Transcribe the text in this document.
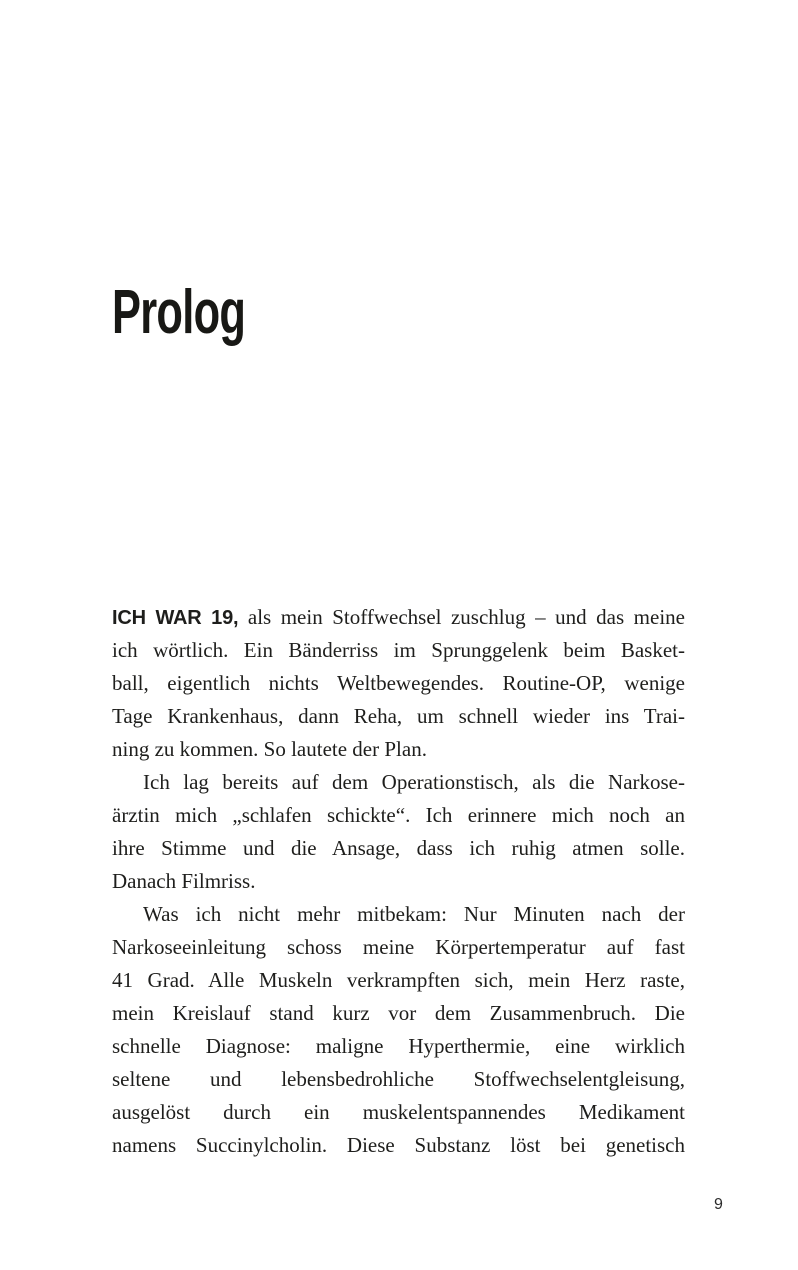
Prolog

ICH WAR 19, als mein Stoffwechsel zuschlug – und das meine
ich wörtlich. Ein Bänderriss im Sprunggelenk beim Basket-
ball, eigentlich nichts Weltbewegendes. Routine-OP, wenige
Tage Krankenhaus, dann Reha, um schnell wieder ins Trai-
ning zu kommen. So lautete der Plan.

Ich lag bereits auf dem Operationstisch, als die Narkose-
ärztin mich „schlafen schickte“. Ich erinnere mich noch an
ihre Stimme und die Ansage, dass ich ruhig atmen solle.
Danach Filmriss.

Was ich nicht mehr mitbekam: Nur Minuten nach der
Narkoseeinleitung schoss meine Körpertemperatur auf fast
41 Grad. Alle Muskeln verkrampften sich, mein Herz raste,
mein Kreislauf stand kurz vor dem Zusammenbruch. Die
schnelle Diagnose: maligne Hyperthermie, eine wirklich
seltene und lebensbedrohliche Stoffwechselentgleisung,
ausgelöst durch ein muskelentspannendes Medikament
namens Succinylcholin. Diese Substanz löst bei genetisch

9
